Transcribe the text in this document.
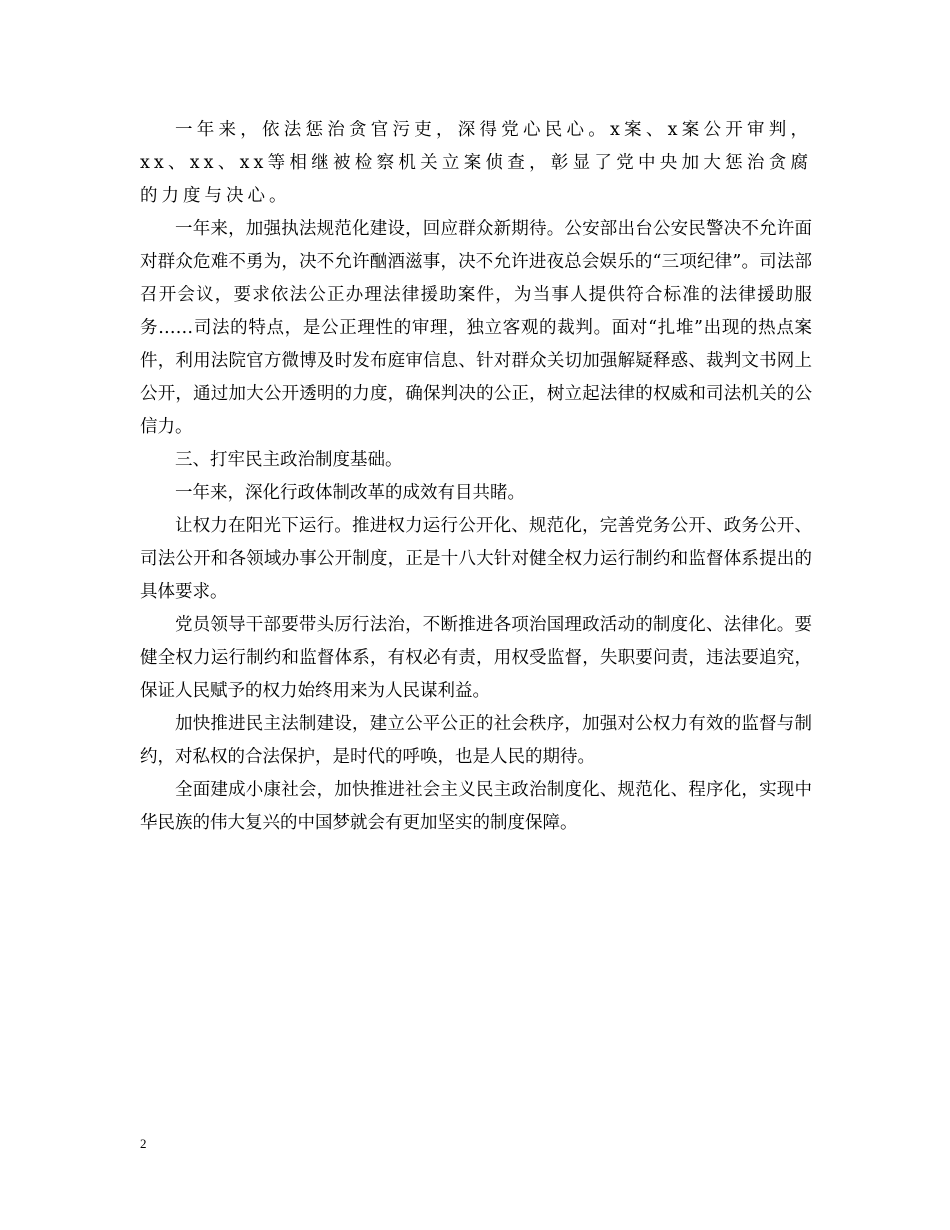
一年来，依法惩治贪官污吏，深得党心民心。x案、x案公开审判，xx、xx、xx等相继被检察机关立案侦查，彰显了党中央加大惩治贪腐的力度与决心。

一年来，加强执法规范化建设，回应群众新期待。公安部出台公安民警决不允许面对群众危难不勇为，决不允许酗酒滋事，决不允许进夜总会娱乐的“三项纪律”。司法部召开会议，要求依法公正办理法律援助案件，为当事人提供符合标准的法律援助服务……司法的特点，是公正理性的审理，独立客观的裁判。面对“扎堆”出现的热点案件，利用法院官方微博及时发布庭审信息、针对群众关切加强解疑释惑、裁判文书网上公开，通过加大公开透明的力度，确保判决的公正，树立起法律的权威和司法机关的公信力。

三、打牢民主政治制度基础。

一年来，深化行政体制改革的成效有目共睹。

让权力在阳光下运行。推进权力运行公开化、规范化，完善党务公开、政务公开、司法公开和各领域办事公开制度，正是十八大针对健全权力运行制约和监督体系提出的具体要求。

党员领导干部要带头厉行法治，不断推进各项治国理政活动的制度化、法律化。要健全权力运行制约和监督体系，有权必有责，用权受监督，失职要问责，违法要追究，保证人民赋予的权力始终用来为人民谋利益。

加快推进民主法制建设，建立公平公正的社会秩序，加强对公权力有效的监督与制约，对私权的合法保护，是时代的呼唤，也是人民的期待。

全面建成小康社会，加快推进社会主义民主政治制度化、规范化、程序化，实现中华民族的伟大复兴的中国梦就会有更加坚实的制度保障。

2
